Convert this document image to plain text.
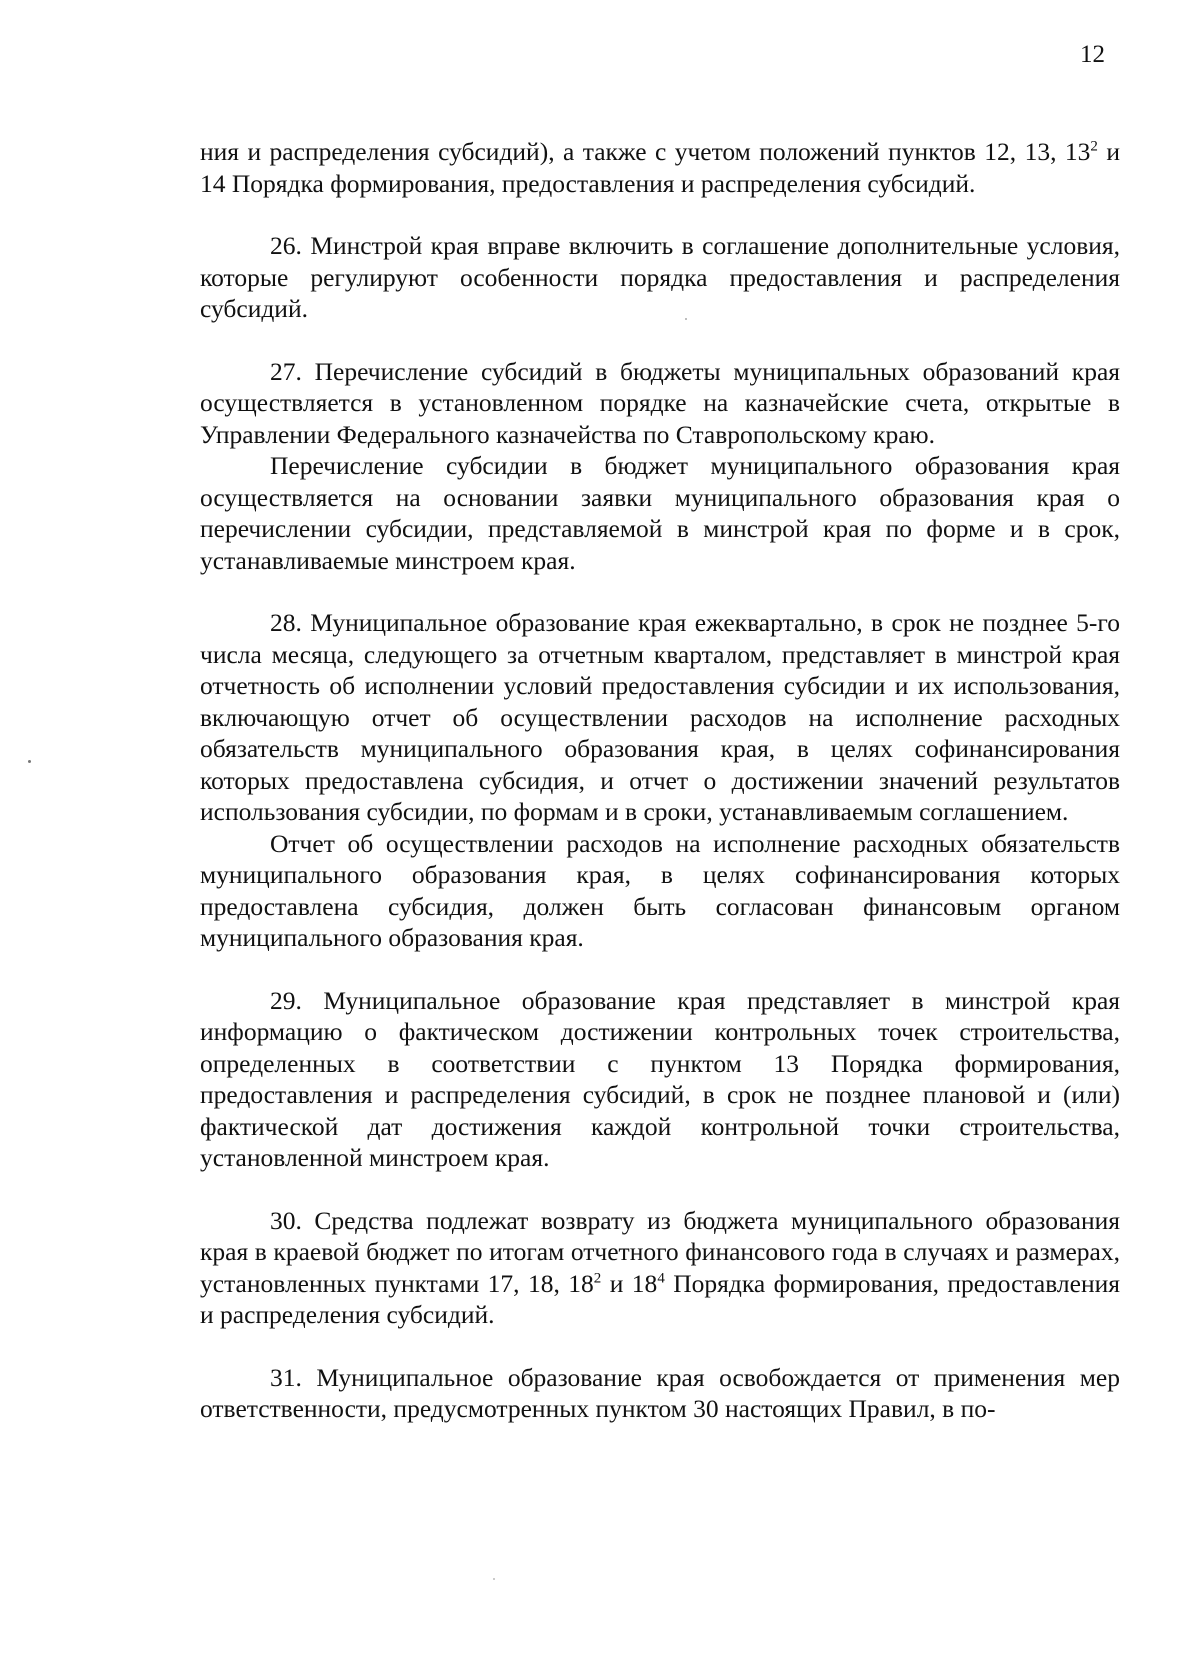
12

ния и распределения субсидий), а также с учетом положений пунктов 12, 13, $13^2$ и 14 Порядка формирования, предоставления и распределения субсидий.

26. Минстрой края вправе включить в соглашение дополнительные условия, которые регулируют особенности порядка предоставления и распределения субсидий.

27. Перечисление субсидий в бюджеты муниципальных образований края осуществляется в установленном порядке на казначейские счета, открытые в Управлении Федерального казначейства по Ставропольскому краю.

Перечисление субсидии в бюджет муниципального образования края осуществляется на основании заявки муниципального образования края о перечислении субсидии, представляемой в минстрой края по форме и в срок, устанавливаемые минстроем края.

28. Муниципальное образование края ежеквартально, в срок не позднее 5-го числа месяца, следующего за отчетным кварталом, представляет в минстрой края отчетность об исполнении условий предоставления субсидии и их использования, включающую отчет об осуществлении расходов на исполнение расходных обязательств муниципального образования края, в целях софинансирования которых предоставлена субсидия, и отчет о достижении значений результатов использования субсидии, по формам и в сроки, устанавливаемым соглашением.

Отчет об осуществлении расходов на исполнение расходных обязательств муниципального образования края, в целях софинансирования которых предоставлена субсидия, должен быть согласован финансовым органом муниципального образования края.

29. Муниципальное образование края представляет в минстрой края информацию о фактическом достижении контрольных точек строительства, определенных в соответствии с пунктом 13 Порядка формирования, предоставления и распределения субсидий, в срок не позднее плановой и (или) фактической дат достижения каждой контрольной точки строительства, установленной минстроем края.

30. Средства подлежат возврату из бюджета муниципального образования края в краевой бюджет по итогам отчетного финансового года в случаях и размерах, установленных пунктами 17, 18, $18^2$ и $18^4$ Порядка формирования, предоставления и распределения субсидий.

31. Муниципальное образование края освобождается от применения мер ответственности, предусмотренных пунктом 30 настоящих Правил, в по-
